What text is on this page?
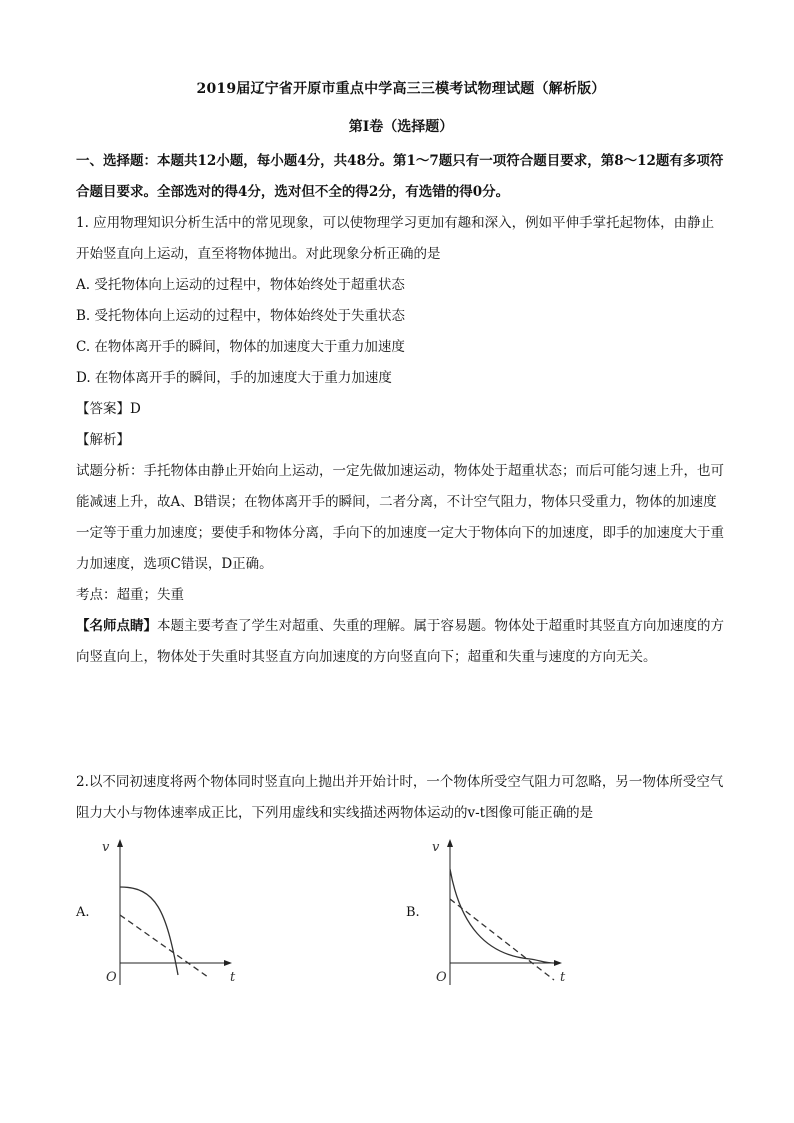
2019届辽宁省开原市重点中学高三三模考试物理试题（解析版）
第Ⅰ卷（选择题）

一、选择题：本题共12小题，每小题4分，共48分。第1～7题只有一项符合题目要求，第8～12题有多项符合题目要求。全部选对的得4分，选对但不全的得2分，有选错的得0分。

1. 应用物理知识分析生活中的常见现象，可以使物理学习更加有趣和深入，例如平伸手掌托起物体，由静止开始竖直向上运动，直至将物体抛出。对此现象分析正确的是

A. 受托物体向上运动的过程中，物体始终处于超重状态

B. 受托物体向上运动的过程中，物体始终处于失重状态

C. 在物体离开手的瞬间，物体的加速度大于重力加速度

D. 在物体离开手的瞬间，手的加速度大于重力加速度

【答案】D

【解析】

试题分析：手托物体由静止开始向上运动，一定先做加速运动，物体处于超重状态；而后可能匀速上升，也可能减速上升，故A、B错误；在物体离开手的瞬间，二者分离，不计空气阻力，物体只受重力，物体的加速度一定等于重力加速度；要使手和物体分离，手向下的加速度一定大于物体向下的加速度，即手的加速度大于重力加速度，选项C错误，D正确。

考点：超重；失重

【名师点睛】本题主要考查了学生对超重、失重的理解。属于容易题。物体处于超重时其竖直方向加速度的方向竖直向上，物体处于失重时其竖直方向加速度的方向竖直向下；超重和失重与速度的方向无关。

2.以不同初速度将两个物体同时竖直向上抛出并开始计时，一个物体所受空气阻力可忽略，另一物体所受空气阻力大小与物体速率成正比，下列用虚线和实线描述两物体运动的v-t图像可能正确的是

A.
v
O	t
B.
v
O	t
